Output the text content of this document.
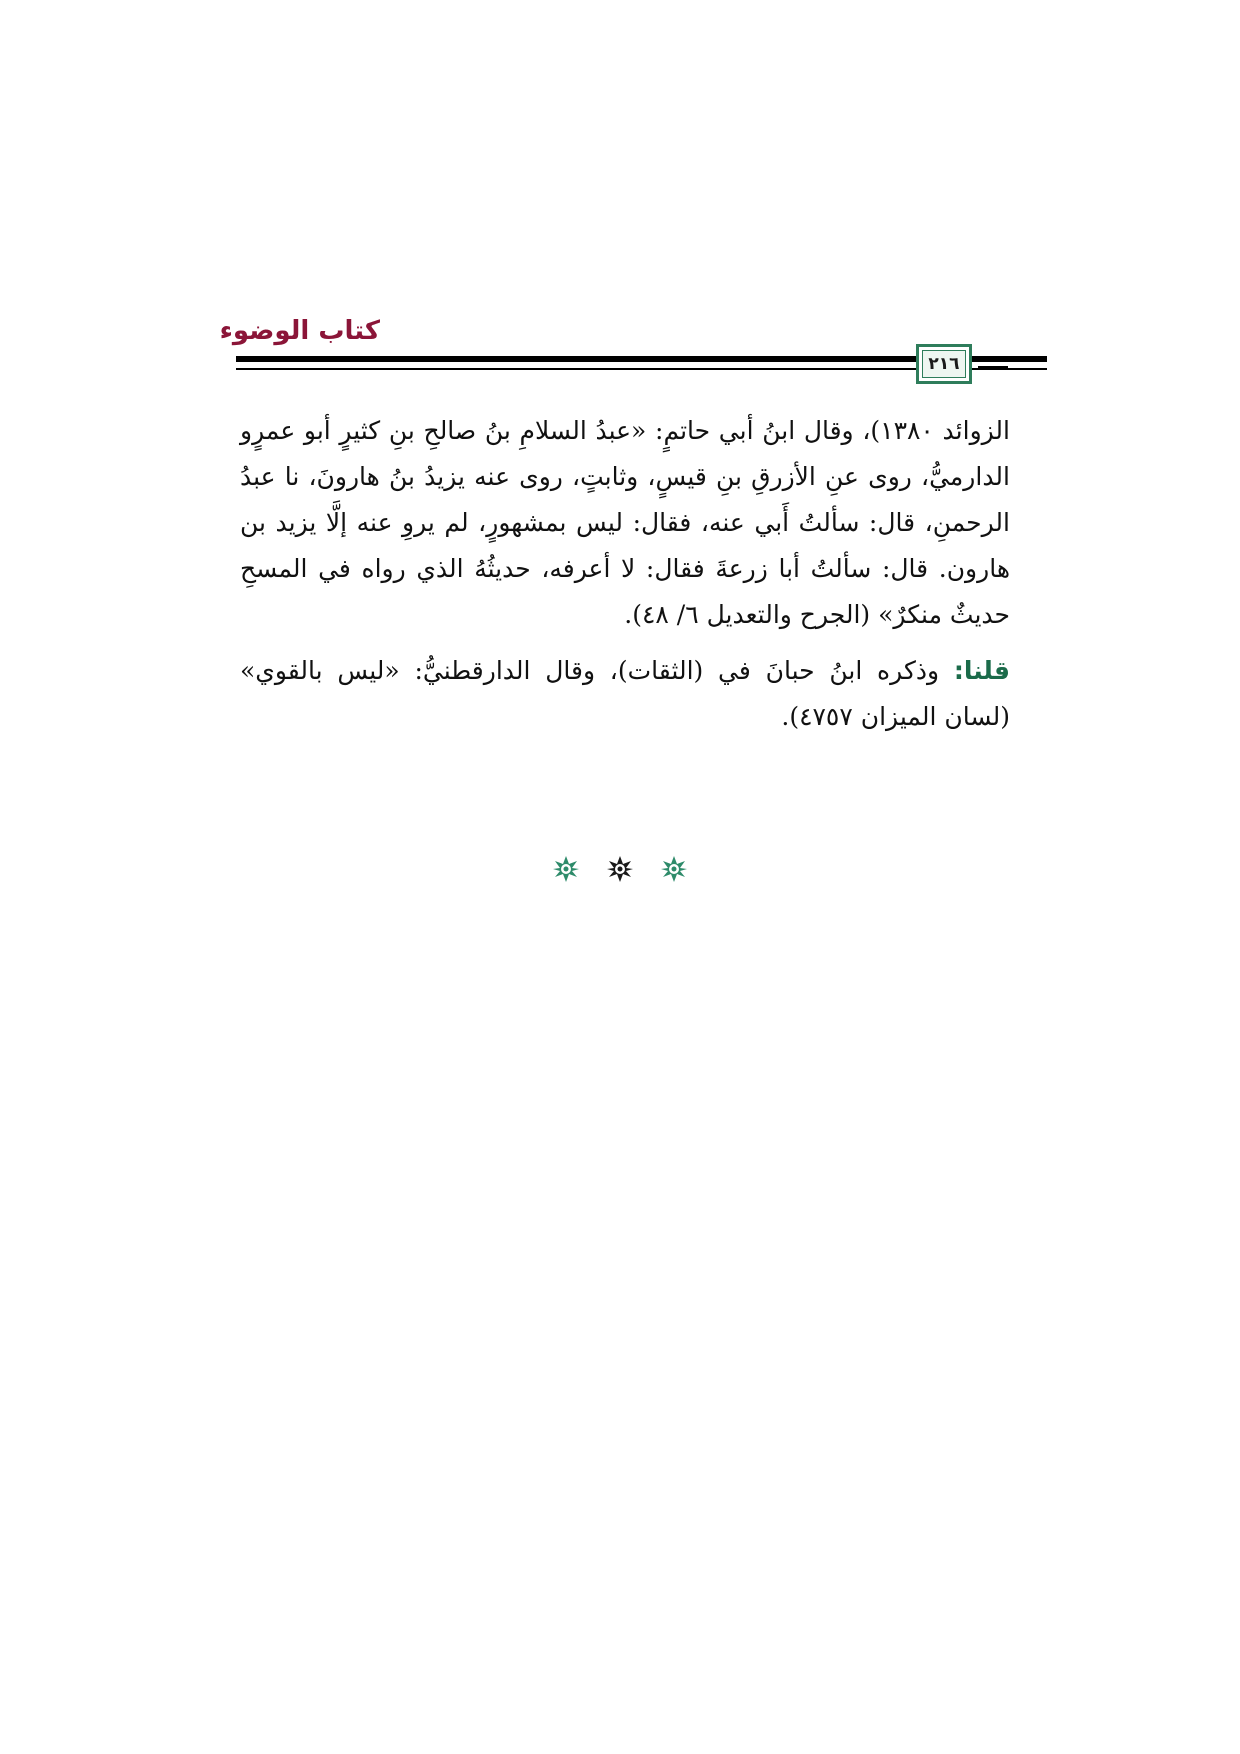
كتاب الوضوء
٢١٦

الزوائد ١٣٨٠)، وقال ابنُ أبي حاتمٍ: «عبدُ السلامِ بنُ صالحِ بنِ كثيرٍ أبو عمرٍو الدارميُّ، روى عنِ الأزرقِ بنِ قيسٍ، وثابتٍ، روى عنه يزيدُ بنُ هارونَ، نا عبدُ الرحمنِ، قال: سألتُ أَبي عنه، فقال: ليس بمشهورٍ، لم يروِ عنه إلَّا يزيد بن هارون. قال: سألتُ أبا زرعةَ فقال: لا أعرفه، حديثُهُ الذي رواه في المسحِ حديثٌ منكرٌ» (الجرح والتعديل ٦/ ٤٨).

قلنا: وذكره ابنُ حبانَ في (الثقات)، وقال الدارقطنيُّ: «ليس بالقوي» (لسان الميزان ٤٧٥٧).
